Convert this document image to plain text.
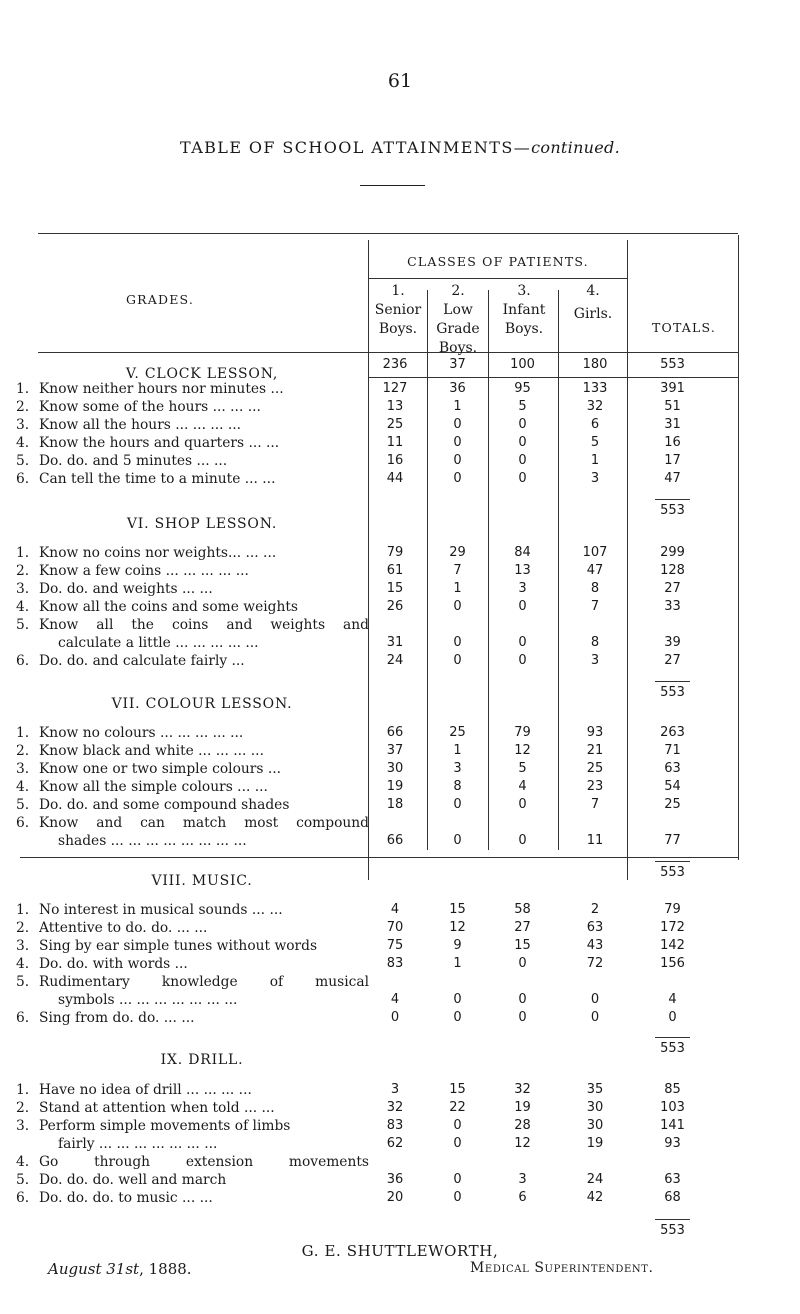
61
TABLE OF SCHOOL ATTAINMENTS—continued.
CLASSES OF PATIENTS.
GRADES.
TOTALS.
1.
Senior
Boys.
2.
Low
Grade
Boys.
3.
Infant
Boys.
4.
Girls.
236	37	100	180	553
V. CLOCK LESSON,
1. Know neither hours nor minutes ...	127	36	95	133	391
2. Know some of the hours ... ... ...	13	1	5	32	51
3. Know all the hours ... ... ... ...	25	0	0	6	31
4. Know the hours and quarters ... ...	11	0	0	5	16
5. Do. do. and 5 minutes ... ...	16	0	0	1	17
6. Can tell the time to a minute ... ...	44	0	0	3	47
553
VI. SHOP LESSON.
1. Know no coins nor weights... ... ...	79	29	84	107	299
2. Know a few coins ... ... ... ... ...	61	7	13	47	128
3. Do. do. and weights ... ...	15	1	3	8	27
4. Know all the coins and some weights	26	0	0	7	33
5. Know all the coins and weights and
calculate a little ... ... ... ... ...	31	0	0	8	39
6. Do. do. and calculate fairly ...	24	0	0	3	27
553
VII. COLOUR LESSON.
1. Know no colours ... ... ... ... ...	66	25	79	93	263
2. Know black and white ... ... ... ...	37	1	12	21	71
3. Know one or two simple colours ...	30	3	5	25	63
4. Know all the simple colours ... ...	19	8	4	23	54
5. Do. do. and some compound shades	18	0	0	7	25
6. Know and can match most compound
shades ... ... ... ... ... ... ... ...	66	0	0	11	77
553
VIII. MUSIC.
1. No interest in musical sounds ... ...	4	15	58	2	79
2. Attentive to do. do. ... ...	70	12	27	63	172
3. Sing by ear simple tunes without words	75	9	15	43	142
4. Do. do. with words ...	83	1	0	72	156
5. Rudimentary knowledge of musical
symbols ... ... ... ... ... ... ...	4	0	0	0	4
6. Sing from do. do. ... ...	0	0	0	0	0
553
IX. DRILL.
1. Have no idea of drill ... ... ... ...	3	15	32	35	85
2. Stand at attention when told ... ...	32	22	19	30	103
3. Perform simple movements of limbs	83	0	28	30	141
4. Go through extension movements
fairly ... ... ... ... ... ... ...	62	0	12	19	93
5. Do. do. do. well and march	36	0	3	24	63
6. Do. do. do. to music ... ...	20	0	6	42	68
553
G. E. SHUTTLEWORTH,
August 31st, 1888.	Medical Superintendent.
